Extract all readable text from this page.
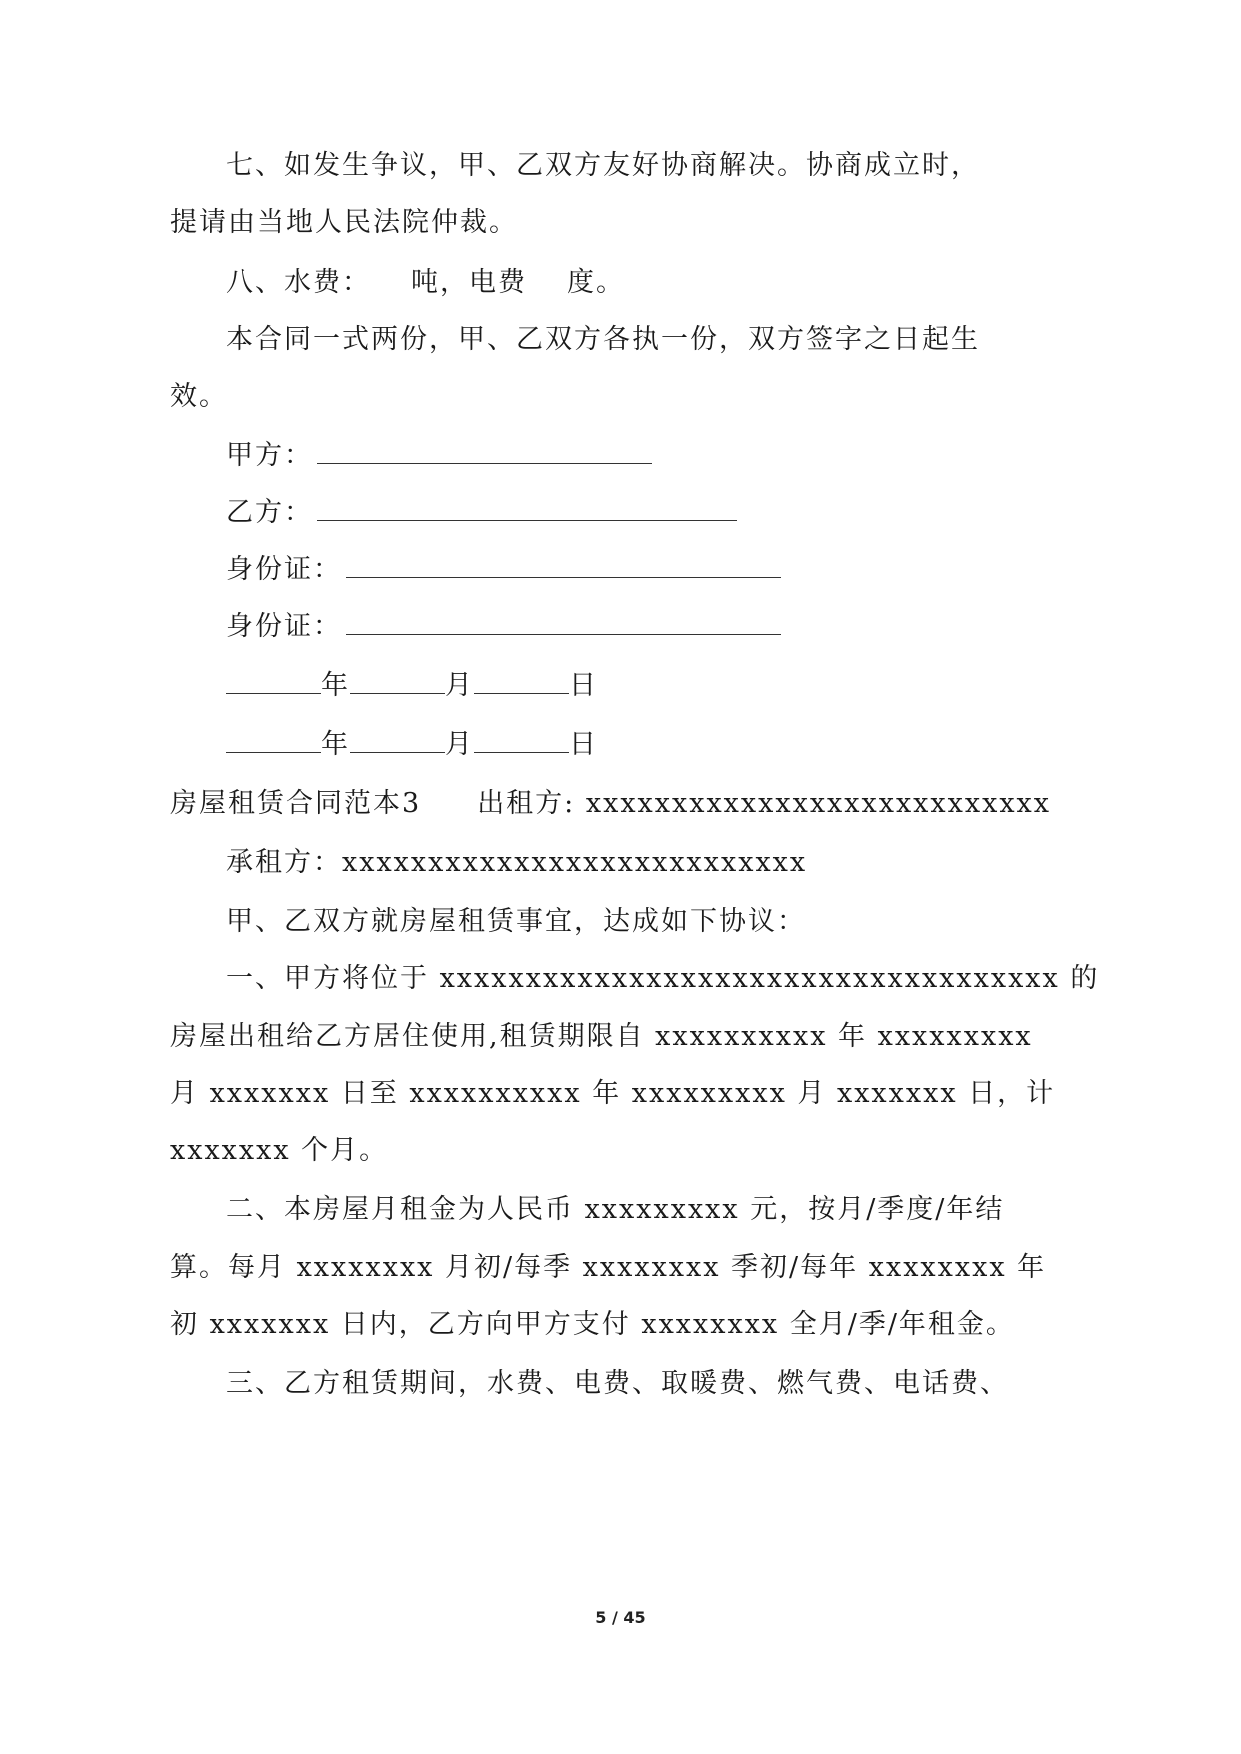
七、如发生争议，甲、乙双方友好协商解决。协商成立时，
提请由当地人民法院仲裁。
八、水费： 吨，电费 度。
本合同一式两份，甲、乙双方各执一份，双方签字之日起生
效。
甲方：
乙方：
身份证：
身份证：
年	月	日
年	月	日
房屋租赁合同范本3 出租方: xxxxxxxxxxxxxxxxxxxxxxxxxxx
承租方：xxxxxxxxxxxxxxxxxxxxxxxxxxx
甲、乙双方就房屋租赁事宜，达成如下协议：
一、甲方将位于 xxxxxxxxxxxxxxxxxxxxxxxxxxxxxxxxxxxx 的
房屋出租给乙方居住使用,租赁期限自 xxxxxxxxxx 年 xxxxxxxxx
月 xxxxxxx 日至 xxxxxxxxxx 年 xxxxxxxxx 月 xxxxxxx 日，计
xxxxxxx 个月。
二、本房屋月租金为人民币 xxxxxxxxx 元，按月/季度/年结
算。每月 xxxxxxxx 月初/每季 xxxxxxxx 季初/每年 xxxxxxxx 年
初 xxxxxxx 日内，乙方向甲方支付 xxxxxxxx 全月/季/年租金。
三、乙方租赁期间，水费、电费、取暖费、燃气费、电话费、
5 / 45
